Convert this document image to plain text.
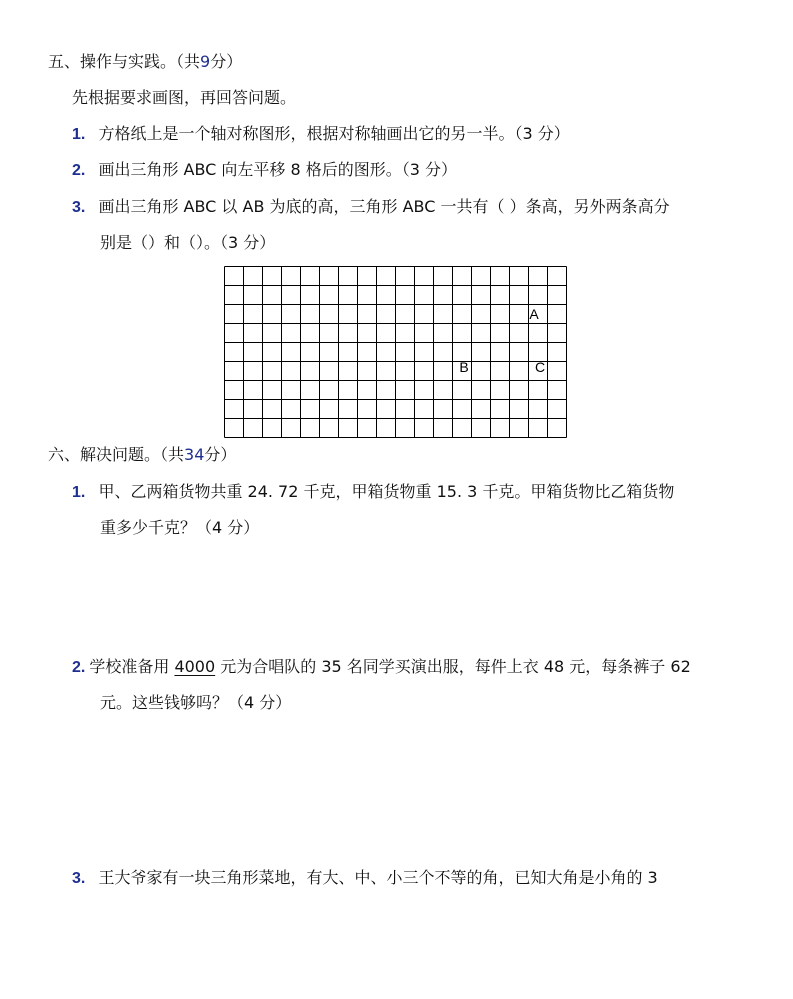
五、操作与实践。（共9分）
先根据要求画图，再回答问题。
1. 方格纸上是一个轴对称图形，根据对称轴画出它的另一半。（3 分）
2. 画出三角形 ABC 向左平移 8 格后的图形。（3 分）
3. 画出三角形 ABC 以 AB 为底的高，三角形 ABC 一共有（ ）条高，另外两条高分
别是（）和（）。（3 分）
A
B	C
六、解决问题。（共34分）
1. 甲、乙两箱货物共重 24. 72 千克，甲箱货物重 15. 3 千克。甲箱货物比乙箱货物
重多少千克？（4 分）
2. 学校准备用 4000 元为合唱队的 35 名同学买演出服，每件上衣 48 元，每条裤子 62
元。这些钱够吗？（4 分）
3. 王大爷家有一块三角形菜地，有大、中、小三个不等的角，已知大角是小角的 3
